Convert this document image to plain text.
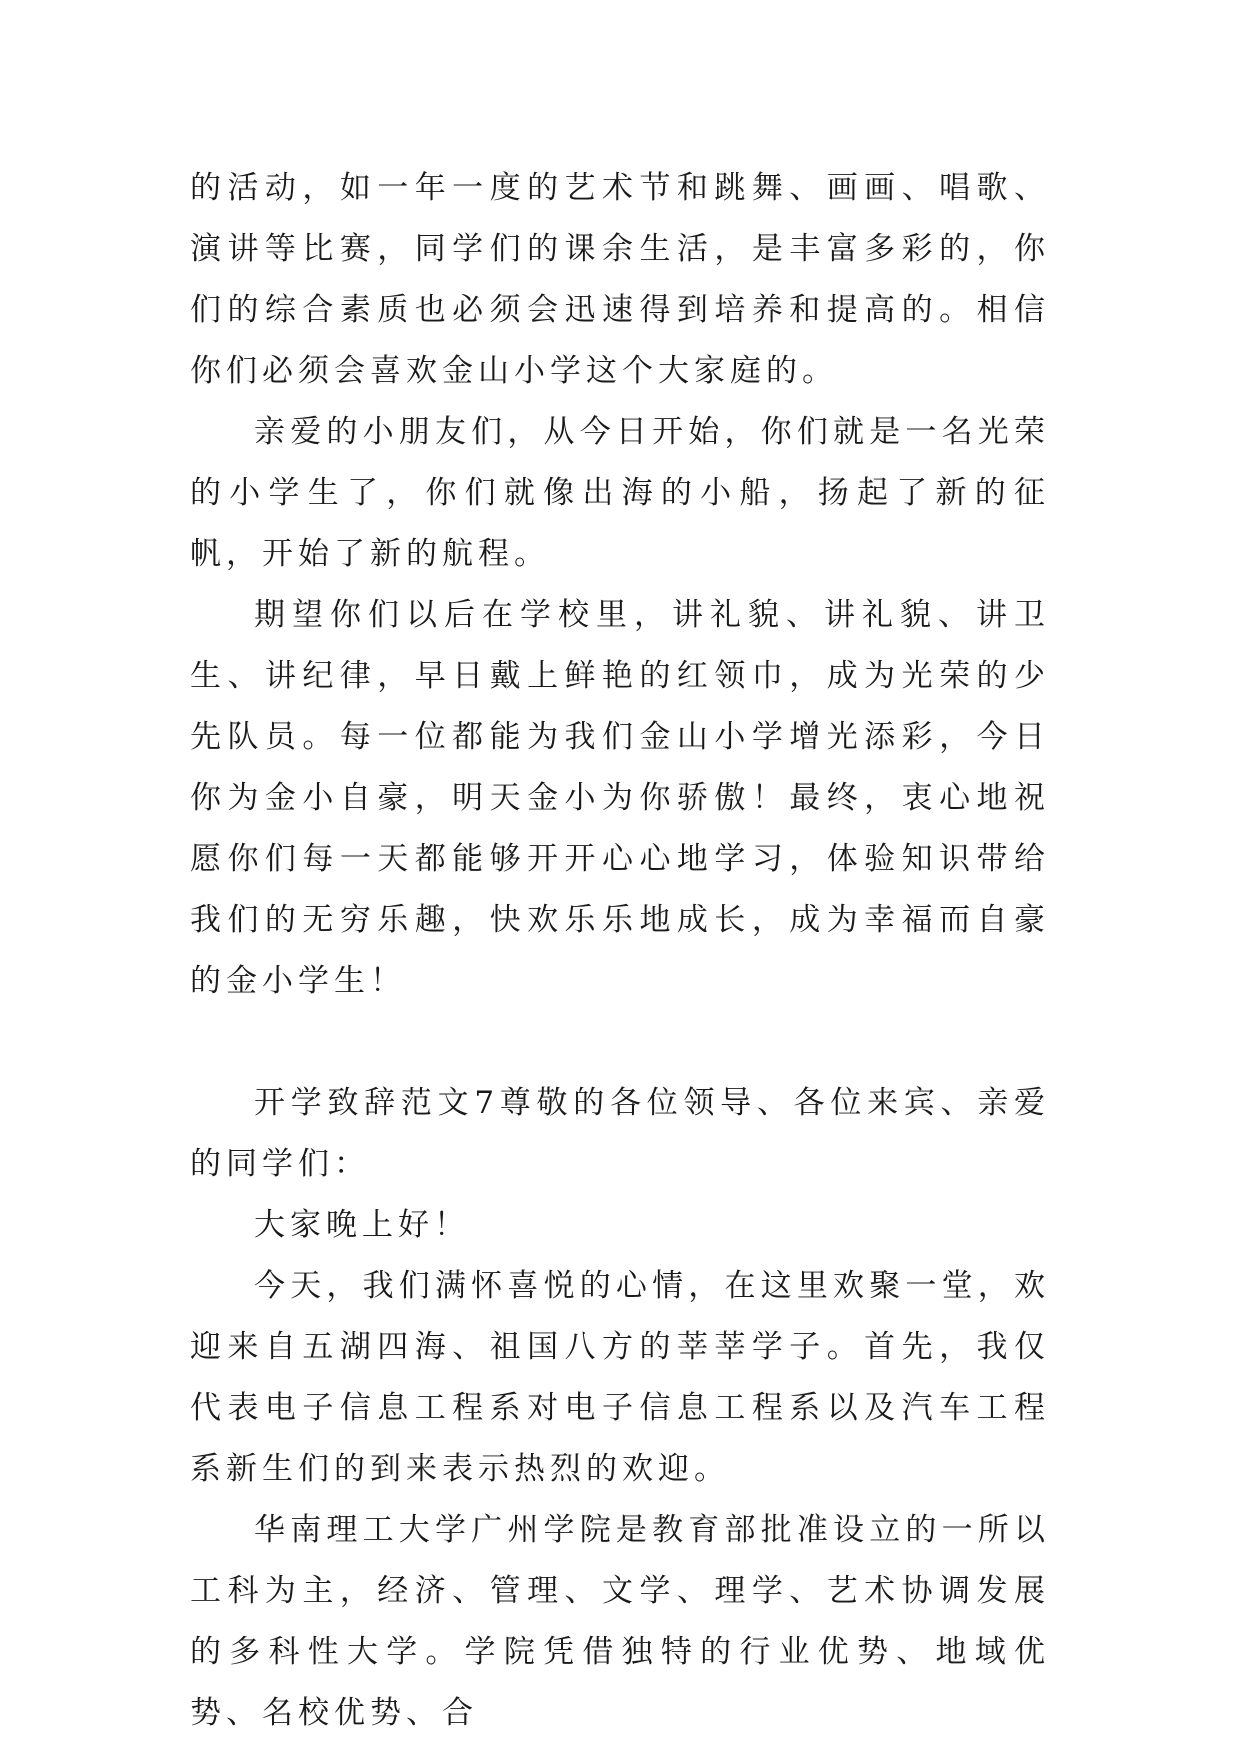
的活动，如一年一度的艺术节和跳舞、画画、唱歌、演讲等比赛，同学们的课余生活，是丰富多彩的，你们的综合素质也必须会迅速得到培养和提高的。相信你们必须会喜欢金山小学这个大家庭的。

亲爱的小朋友们，从今日开始，你们就是一名光荣的小学生了，你们就像出海的小船，扬起了新的征帆，开始了新的航程。

期望你们以后在学校里，讲礼貌、讲礼貌、讲卫生、讲纪律，早日戴上鲜艳的红领巾，成为光荣的少先队员。每一位都能为我们金山小学增光添彩，今日你为金小自豪，明天金小为你骄傲！最终，衷心地祝愿你们每一天都能够开开心心地学习，体验知识带给我们的无穷乐趣，快欢乐乐地成长，成为幸福而自豪的金小学生！

开学致辞范文7尊敬的各位领导、各位来宾、亲爱的同学们：

大家晚上好！

今天，我们满怀喜悦的心情，在这里欢聚一堂，欢迎来自五湖四海、祖国八方的莘莘学子。首先，我仅代表电子信息工程系对电子信息工程系以及汽车工程系新生们的到来表示热烈的欢迎。

华南理工大学广州学院是教育部批准设立的一所以工科为主，经济、管理、文学、理学、艺术协调发展的多科性大学。学院凭借独特的行业优势、地域优势、名校优势、合
